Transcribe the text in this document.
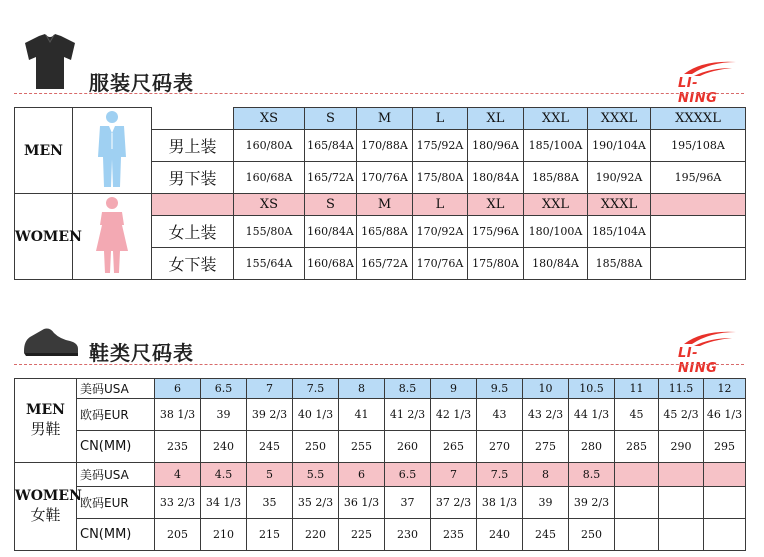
服装尺码表	LI-NING
MEN			XS	S	M	L	XL	XXL	XXXL	XXXXL
		男上装	160/80A	165/84A	170/88A	175/92A	180/96A	185/100A	190/104A	195/108A
		男下装	160/68A	165/72A	170/76A	175/80A	180/84A	185/88A	190/92A	195/96A
WOMEN			XS	S	M	L	XL	XXL	XXXL	
		女上装	155/80A	160/84A	165/88A	170/92A	175/96A	180/100A	185/104A	
		女下装	155/64A	160/68A	165/72A	170/76A	175/80A	180/84A	185/88A	
鞋类尺码表	LI-NING
MEN
男鞋	美码USA	6	6.5	7	7.5	8	8.5	9	9.5	10	10.5	11	11.5	12
	欧码EUR	38 1/3	39	39 2/3	40 1/3	41	41 2/3	42 1/3	43	43 2/3	44 1/3	45	45 2/3	46 1/3
	CN(MM)	235	240	245	250	255	260	265	270	275	280	285	290	295

WOMEN
女鞋	美码USA	4	4.5	5	5.5	6	6.5	7	7.5	8	8.5			
	欧码EUR	33 2/3	34 1/3	35	35 2/3	36 1/3	37	37 2/3	38 1/3	39	39 2/3			
	CN(MM)	205	210	215	220	225	230	235	240	245	250			
